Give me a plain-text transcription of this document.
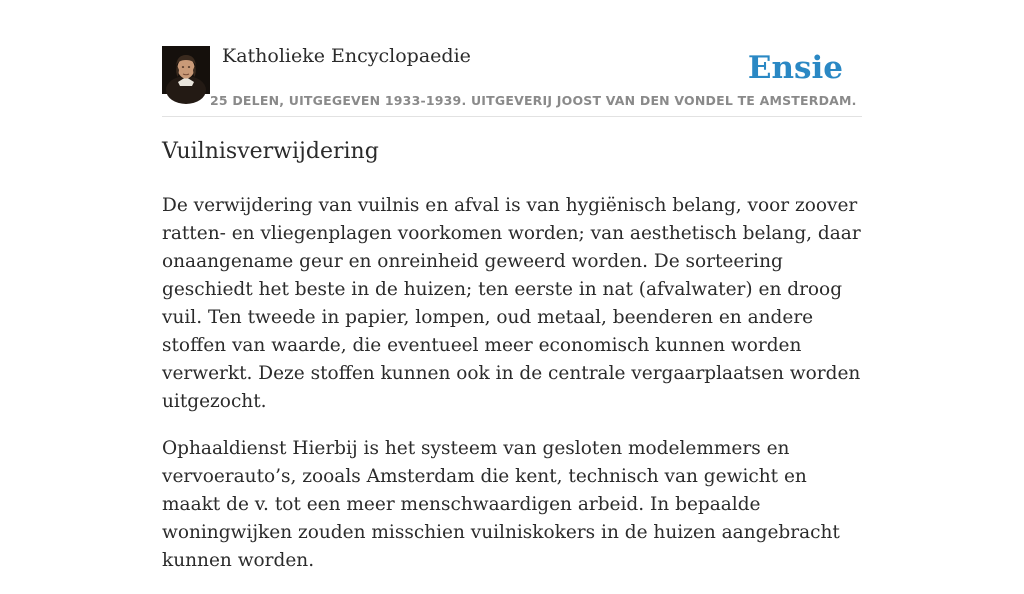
Katholieke Encyclopaedie
25 DELEN, UITGEGEVEN 1933-1939. UITGEVERIJ JOOST VAN DEN VONDEL TE AMSTERDAM.
Ensie
Vuilnisverwijdering

De verwijdering van vuilnis en afval is van hygiënisch belang, voor zoover ratten- en vliegenplagen voorkomen worden; van aesthetisch belang, daar onaangename geur en onreinheid geweerd worden. De sorteering geschiedt het beste in de huizen; ten eerste in nat (afvalwater) en droog vuil. Ten tweede in papier, lompen, oud metaal, beenderen en andere stoffen van waarde, die eventueel meer economisch kunnen worden verwerkt. Deze stoffen kunnen ook in de centrale vergaarplaatsen worden uitgezocht.

Ophaaldienst Hierbij is het systeem van gesloten modelemmers en vervoerauto’s, zooals Amsterdam die kent, technisch van gewicht en maakt de v. tot een meer menschwaardigen arbeid. In bepaalde woningwijken zouden misschien vuilniskokers in de huizen aangebracht kunnen worden.
